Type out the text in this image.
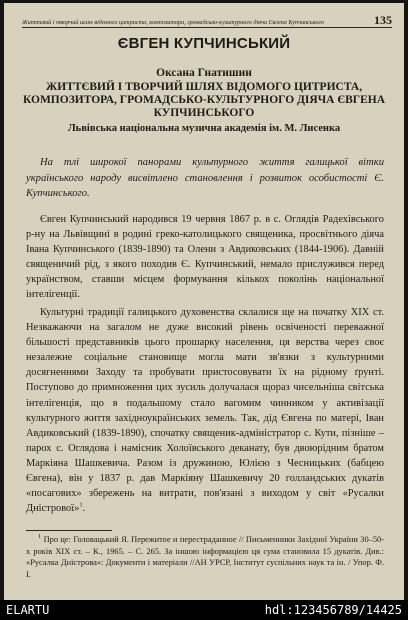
Життєвий і творчий шлях відомого цитриста, композитора, громадсько-культурного діяча Євгена Купчинського	135
ЄВГЕН КУПЧИНСЬКИЙ
Оксана Гнатишин
ЖИТТЄВИЙ І ТВОРЧИЙ ШЛЯХ ВІДОМОГО ЦИТРИСТА, КОМПОЗИТОРА, ГРОМАДСЬКО-КУЛЬТУРНОГО ДІЯЧА ЄВГЕНА КУПЧИНСЬКОГО
Львівська національна музична академія ім. М. Лисенка

На тлі широкої панорами культурного життя галицької вітки українського народу висвітлено становлення і розвиток особистості Є. Купчинського.

Євген Купчинський народився 19 червня 1867 р. в с. Оглядів Радехівського р-ну на Львівщині в родині греко-католицького священика, просвітнього діяча Івана Купчинського (1839-1890) та Олени з Авдиковських (1844-1906). Давній священичий рід, з якого походив Є. Купчинський, немало прислужився перед українством, ставши місцем формування кількох поколінь національної інтелігенції.

Культурні традиції галицького духовенства склалися ще на початку XIX ст. Незважаючи на загалом не дуже високий рівень освіченості переважної більшості представників цього прошарку населення, ця верства через своє незалежне соціальне становище могла мати зв'язки з культурними досягненнями Заходу та пробувати пристосовувати їх на рідному ґрунті. Поступово до примноження цих зусиль долучалася щораз чисельніша світська інтелігенція, що в подальшому стало вагомим чинником у активізації культурного життя західноукраїнських земель. Так, дід Євгена по матері, Іван Авдиковський (1839-1890), спочатку священик-адміністратор с. Кути, пізніше – парох с. Оглядова і намісник Холоївського деканату, був двоюрідним братом Маркіяна Шашкевича. Разом із дружиною, Юлією з Чесницьких (бабцею Євгена), він у 1837 р. дав Маркіяну Шашкевичу 20 голландських дукатів «посагових» збережень на витрати, пов'язані з виходом у світ «Русалки Дністрової»$^1$.

$^1$ Про це: Головацький Я. Пережитое и перестраданное // Письменники Західної України 30–50-х років XIX ст. – К., 1965. – С. 265. За іншою інформацією ця сума становила 15 дукатів. Див.: «Русалка Дністрова»: Документи і матеріали //АН УРСР, Інститут суспільних наук та ін. / Упор. Ф. І.

ELARTU	hdl:123456789/14425
